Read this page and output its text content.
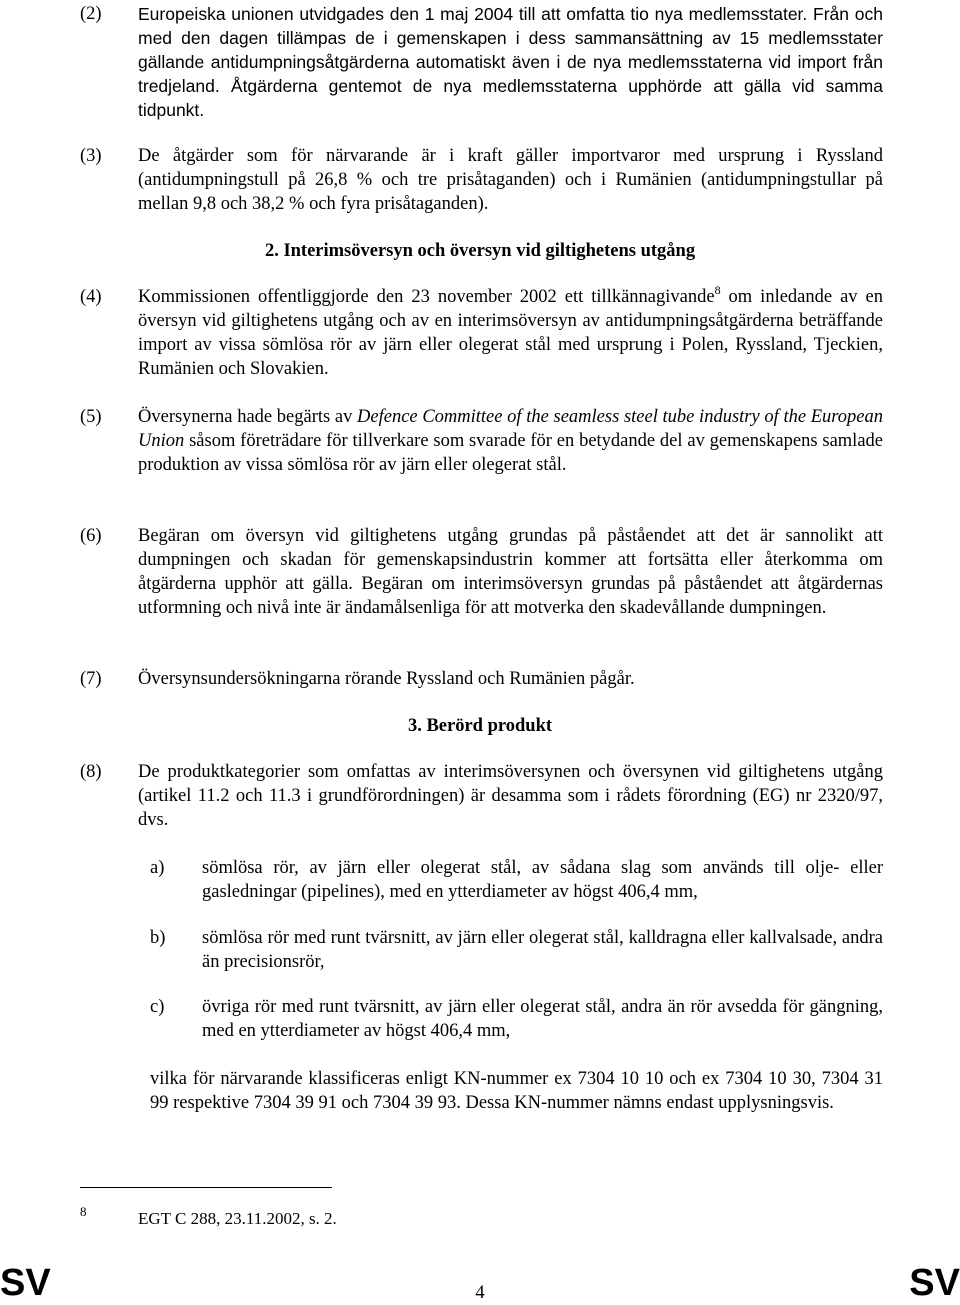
(2) Europeiska unionen utvidgades den 1 maj 2004 till att omfatta tio nya medlemsstater. Från och med den dagen tillämpas de i gemenskapen i dess sammansättning av 15 medlemsstater gällande antidumpningsåtgärderna automatiskt även i de nya medlemsstaterna vid import från tredjeland. Åtgärderna gentemot de nya medlemsstaterna upphörde att gälla vid samma tidpunkt.
(3) De åtgärder som för närvarande är i kraft gäller importvaror med ursprung i Ryssland (antidumpningstull på 26,8 % och tre prisåtaganden) och i Rumänien (antidumpningstullar på mellan 9,8 och 38,2 % och fyra prisåtaganden).
2. Interimsöversyn och översyn vid giltighetens utgång
(4) Kommissionen offentliggjorde den 23 november 2002 ett tillkännagivande$^8$ om inledande av en översyn vid giltighetens utgång och av en interimsöversyn av antidumpningsåtgärderna beträffande import av vissa sömlösa rör av järn eller olegerat stål med ursprung i Polen, Ryssland, Tjeckien, Rumänien och Slovakien.
(5) Översynerna hade begärts av Defence Committee of the seamless steel tube industry of the European Union såsom företrädare för tillverkare som svarade för en betydande del av gemenskapens samlade produktion av vissa sömlösa rör av järn eller olegerat stål.
(6) Begäran om översyn vid giltighetens utgång grundas på påståendet att det är sannolikt att dumpningen och skadan för gemenskapsindustrin kommer att fortsätta eller återkomma om åtgärderna upphör att gälla. Begäran om interimsöversyn grundas på påståendet att åtgärdernas utformning och nivå inte är ändamålsenliga för att motverka den skadevållande dumpningen.
(7) Översynsundersökningarna rörande Ryssland och Rumänien pågår.
3. Berörd produkt
(8) De produktkategorier som omfattas av interimsöversynen och översynen vid giltighetens utgång (artikel 11.2 och 11.3 i grundförordningen) är desamma som i rådets förordning (EG) nr 2320/97, dvs.
a) sömlösa rör, av järn eller olegerat stål, av sådana slag som används till olje- eller gasledningar (pipelines), med en ytterdiameter av högst 406,4 mm,
b) sömlösa rör med runt tvärsnitt, av järn eller olegerat stål, kalldragna eller kallvalsade, andra än precisionsrör,
c) övriga rör med runt tvärsnitt, av järn eller olegerat stål, andra än rör avsedda för gängning, med en ytterdiameter av högst 406,4 mm,
vilka för närvarande klassificeras enligt KN-nummer ex 7304 10 10 och ex 7304 10 30, 7304 31 99 respektive 7304 39 91 och 7304 39 93. Dessa KN-nummer nämns endast upplysningsvis.
8	EGT C 288, 23.11.2002, s. 2.
SV	4	SV
